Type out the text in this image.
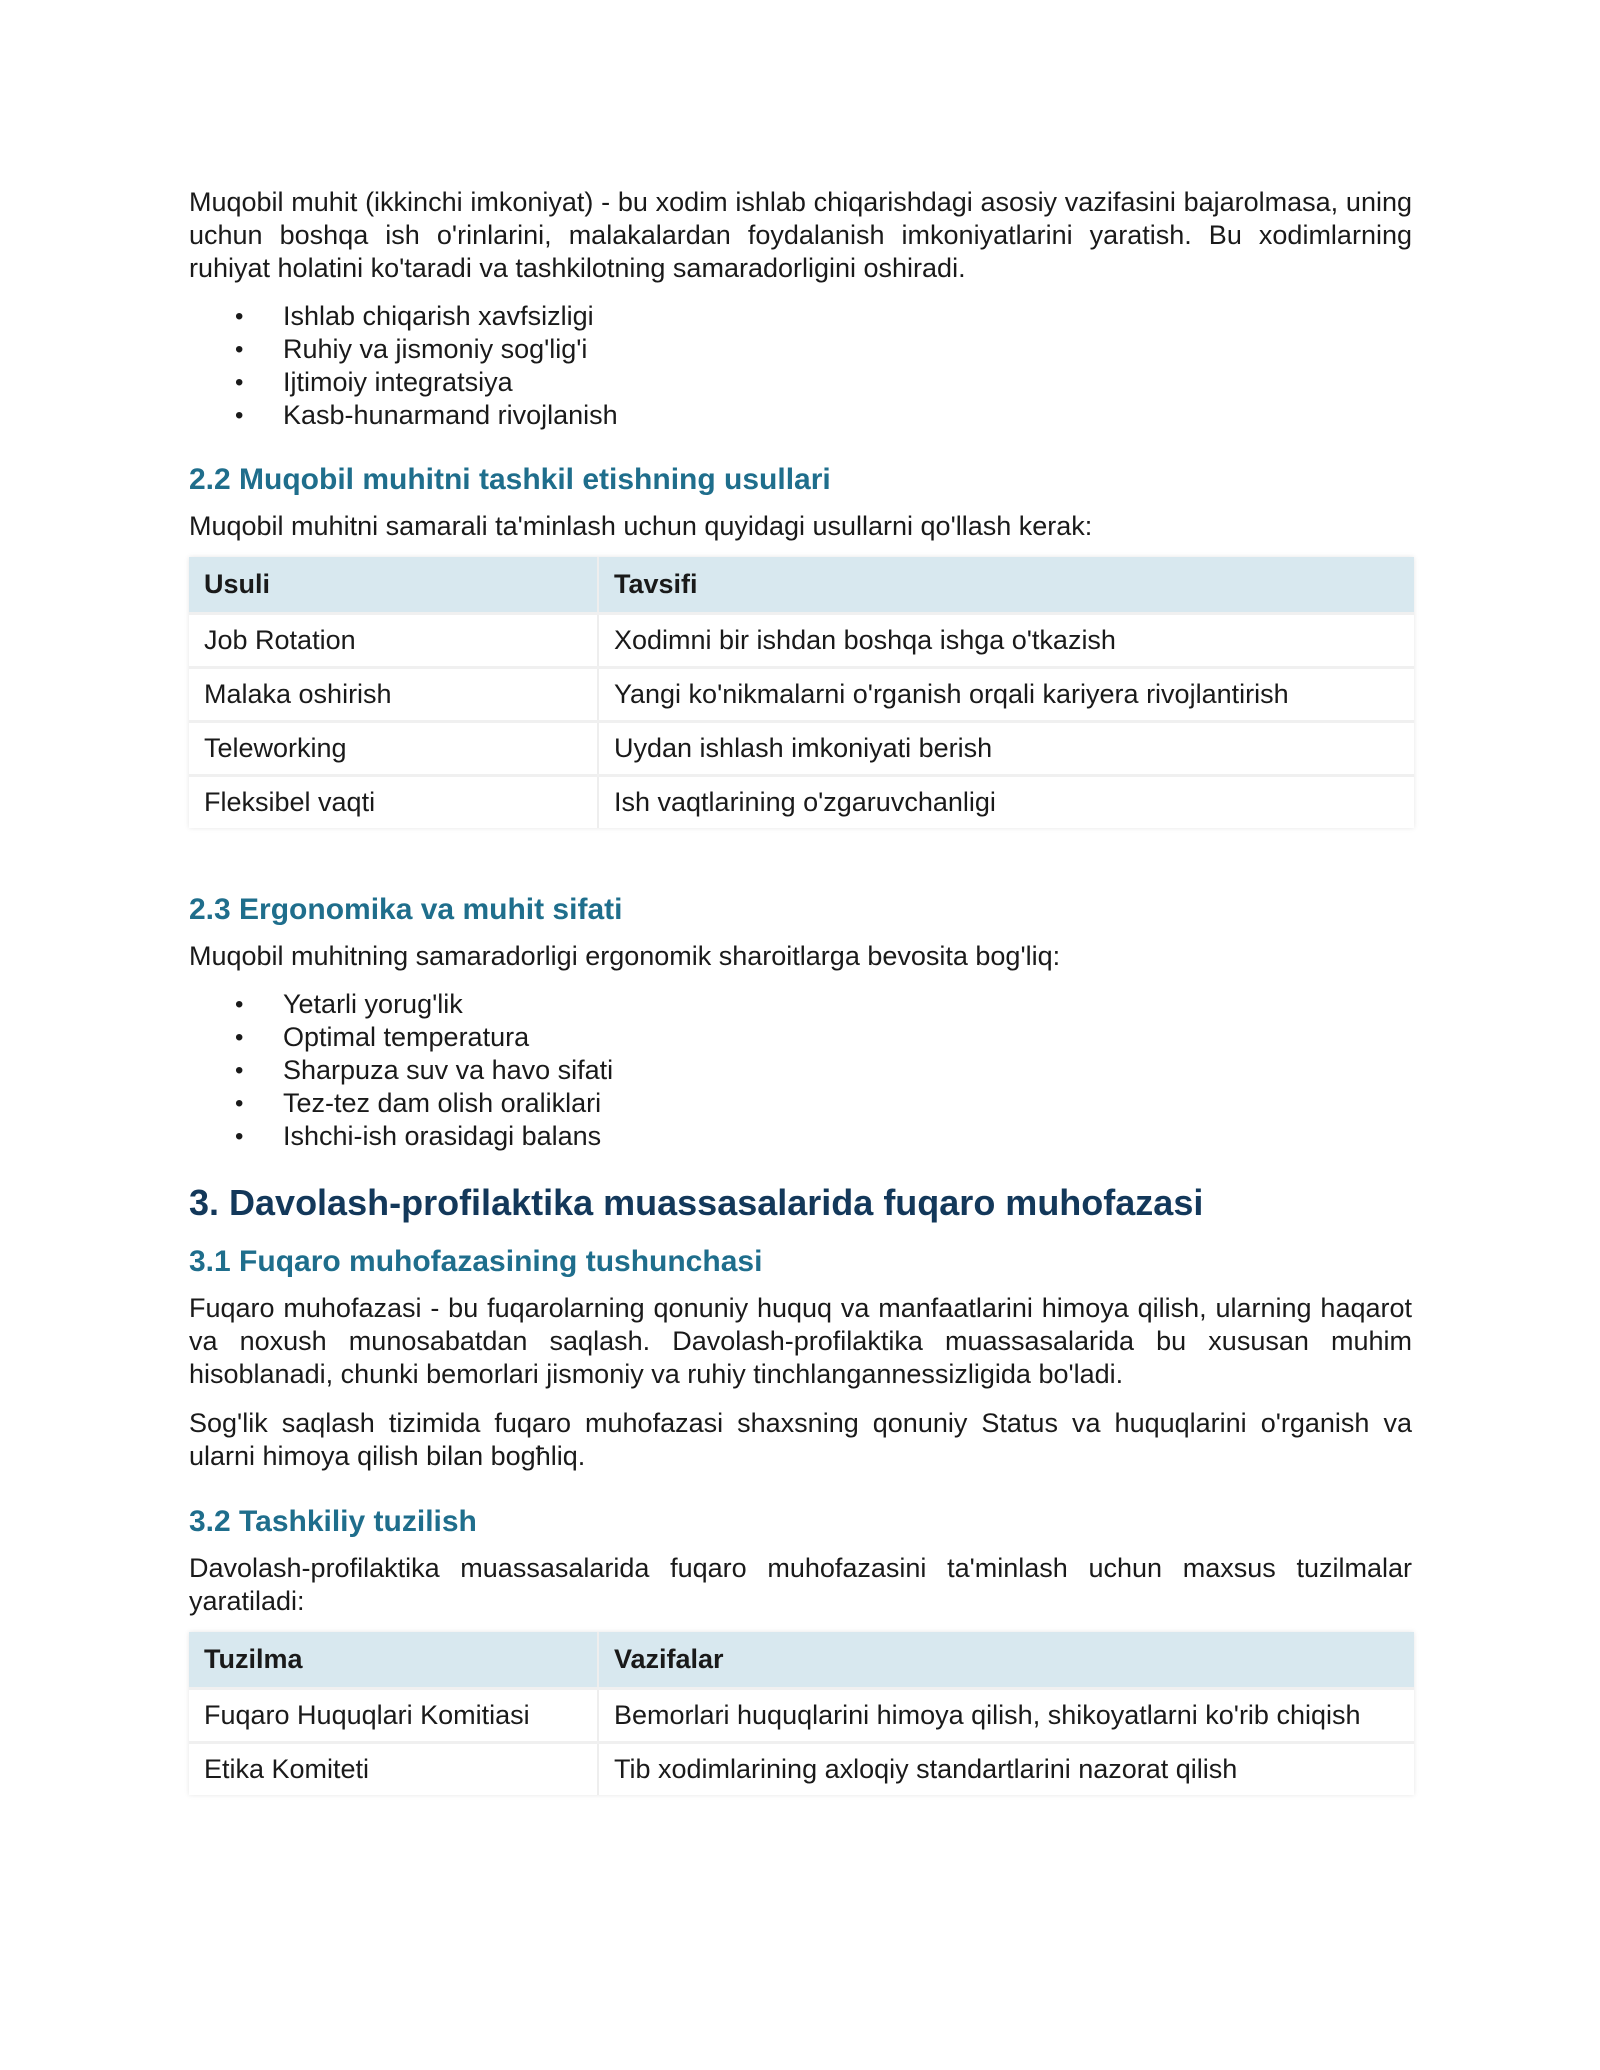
Muqobil muhit (ikkinchi imkoniyat) - bu xodim ishlab chiqarishdagi asosiy vazifasini bajarolmasa, uning uchun boshqa ish o'rinlarini, malakalardan foydalanish imkoniyatlarini yaratish. Bu xodimlarning ruhiyat holatini ko'taradi va tashkilotning samaradorligini oshiradi.

• Ishlab chiqarish xavfsizligi
• Ruhiy va jismoniy sog'lig'i
• Ijtimoiy integratsiya
• Kasb-hunarmand rivojlanish
2.2 Muqobil muhitni tashkil etishning usullari

Muqobil muhitni samarali ta'minlash uchun quyidagi usullarni qo'llash kerak:

Usuli	Tavsifi
Job Rotation	Xodimni bir ishdan boshqa ishga o'tkazish
Malaka oshirish	Yangi ko'nikmalarni o'rganish orqali kariyera rivojlantirish
Teleworking	Uydan ishlash imkoniyati berish
Fleksibel vaqti	Ish vaqtlarining o'zgaruvchanligi
2.3 Ergonomika va muhit sifati

Muqobil muhitning samaradorligi ergonomik sharoitlarga bevosita bog'liq:

• Yetarli yorug'lik
• Optimal temperatura
• Sharpuza suv va havo sifati
• Tez-tez dam olish oraliklari
• Ishchi-ish orasidagi balans
3. Davolash-profilaktika muassasalarida fuqaro muhofazasi
3.1 Fuqaro muhofazasining tushunchasi

Fuqaro muhofazasi - bu fuqarolarning qonuniy huquq va manfaatlarini himoya qilish, ularning haqarot va noxush munosabatdan saqlash. Davolash-profilaktika muassasalarida bu xususan muhim hisoblanadi, chunki bemorlari jismoniy va ruhiy tinchlangannessizligida bo'ladi.

Sog'lik saqlash tizimida fuqaro muhofazasi shaxsning qonuniy Status va huquqlarini o'rganish va ularni himoya qilish bilan bogħliq.

3.2 Tashkiliy tuzilish

Davolash-profilaktika muassasalarida fuqaro muhofazasini ta'minlash uchun maxsus tuzilmalar yaratiladi:

Tuzilma	Vazifalar
Fuqaro Huquqlari Komitiasi	Bemorlari huquqlarini himoya qilish, shikoyatlarni ko'rib chiqish
Etika Komiteti	Tib xodimlarining axloqiy standartlarini nazorat qilish
